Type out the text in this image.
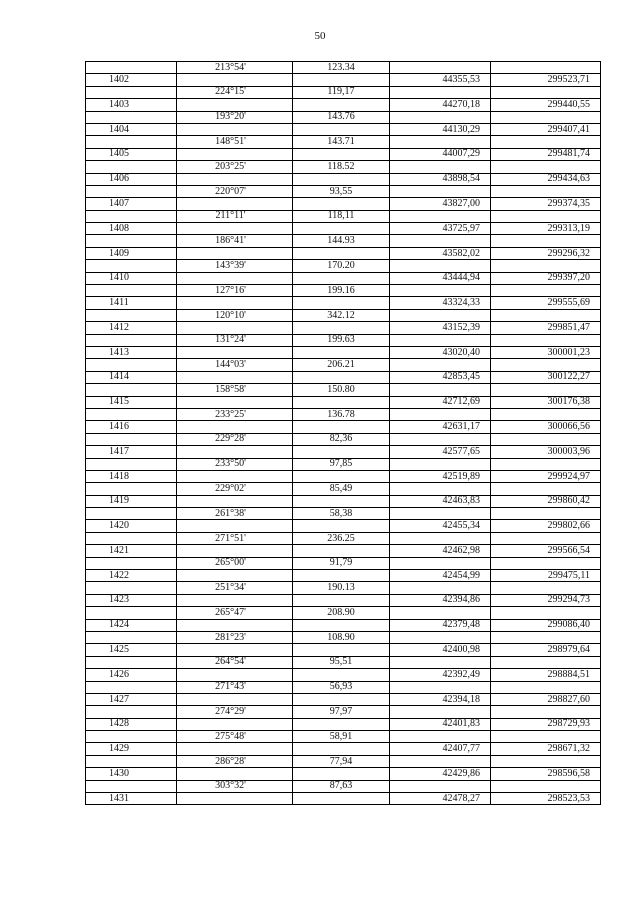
50
	213°54'	123.34		
1402			44355,53	299523,71
	224°15'	119,17		
1403			44270,18	299440,55
	193°20'	143.76		
1404			44130,29	299407,41
	148°51'	143.71		
1405			44007,29	299481,74
	203°25'	118.52		
1406			43898,54	299434,63
	220°07'	93,55		
1407			43827,00	299374,35
	211°11'	118,11		
1408			43725,97	299313,19
	186°41'	144.93		
1409			43582,02	299296,32
	143°39'	170.20		
1410			43444,94	299397,20
	127°16'	199.16		
1411			43324,33	299555,69
	120°10'	342.12		
1412			43152,39	299851,47
	131°24'	199.63		
1413			43020,40	300001,23
	144°03'	206.21		
1414			42853,45	300122,27
	158°58'	150.80		
1415			42712,69	300176,38
	233°25'	136.78		
1416			42631,17	300066,56
	229°28'	82,36		
1417			42577,65	300003,96
	233°50'	97,85		
1418			42519,89	299924,97
	229°02'	85,49		
1419			42463,83	299860,42
	261°38'	58,38		
1420			42455,34	299802,66
	271°51'	236.25		
1421			42462,98	299566,54
	265°00'	91,79		
1422			42454,99	299475,11
	251°34'	190.13		
1423			42394,86	299294,73
	265°47'	208.90		
1424			42379,48	299086,40
	281°23'	108.90		
1425			42400,98	298979,64
	264°54'	95,51		
1426			42392,49	298884,51
	271°43'	56,93		
1427			42394,18	298827,60
	274°29'	97,97		
1428			42401,83	298729,93
	275°48'	58,91		
1429			42407,77	298671,32
	286°28'	77,94		
1430			42429,86	298596,58
	303°32'	87,63		
1431			42478,27	298523,53
